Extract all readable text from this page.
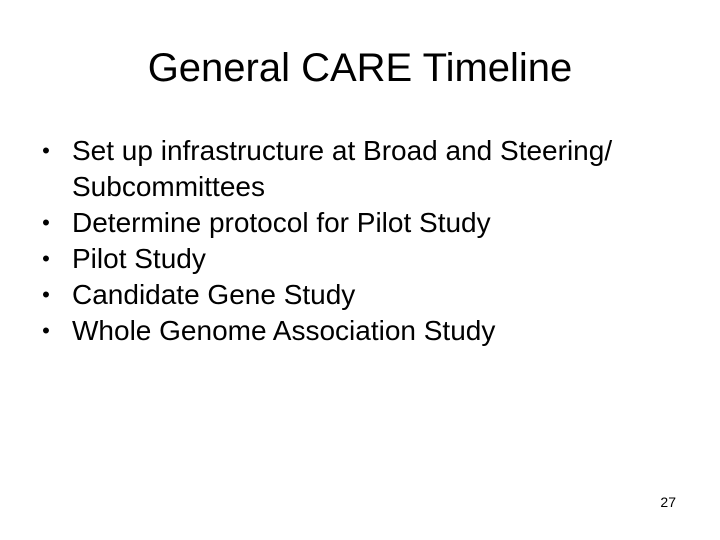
General CARE Timeline
• Set up infrastructure at Broad and Steering/ Subcommittees
• Determine protocol for Pilot Study
• Pilot Study
• Candidate Gene Study
• Whole Genome Association Study
27
